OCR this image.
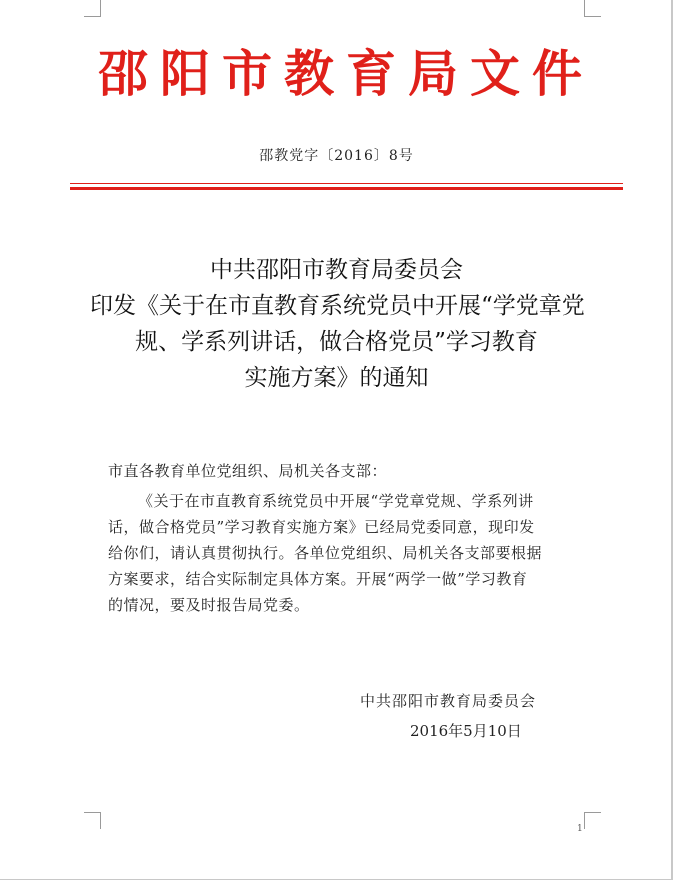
邵阳市教育局文件
邵教党字〔2016〕8号
中共邵阳市教育局委员会
印发《关于在市直教育系统党员中开展“学党章党
规、学系列讲话，做合格党员”学习教育
实施方案》的通知
市直各教育单位党组织、局机关各支部：
《关于在市直教育系统党员中开展“学党章党规、学系列讲
话，做合格党员”学习教育实施方案》已经局党委同意，现印发
给你们，请认真贯彻执行。各单位党组织、局机关各支部要根据
方案要求，结合实际制定具体方案。开展“两学一做”学习教育
的情况，要及时报告局党委。
中共邵阳市教育局委员会
2016年5月10日
1
